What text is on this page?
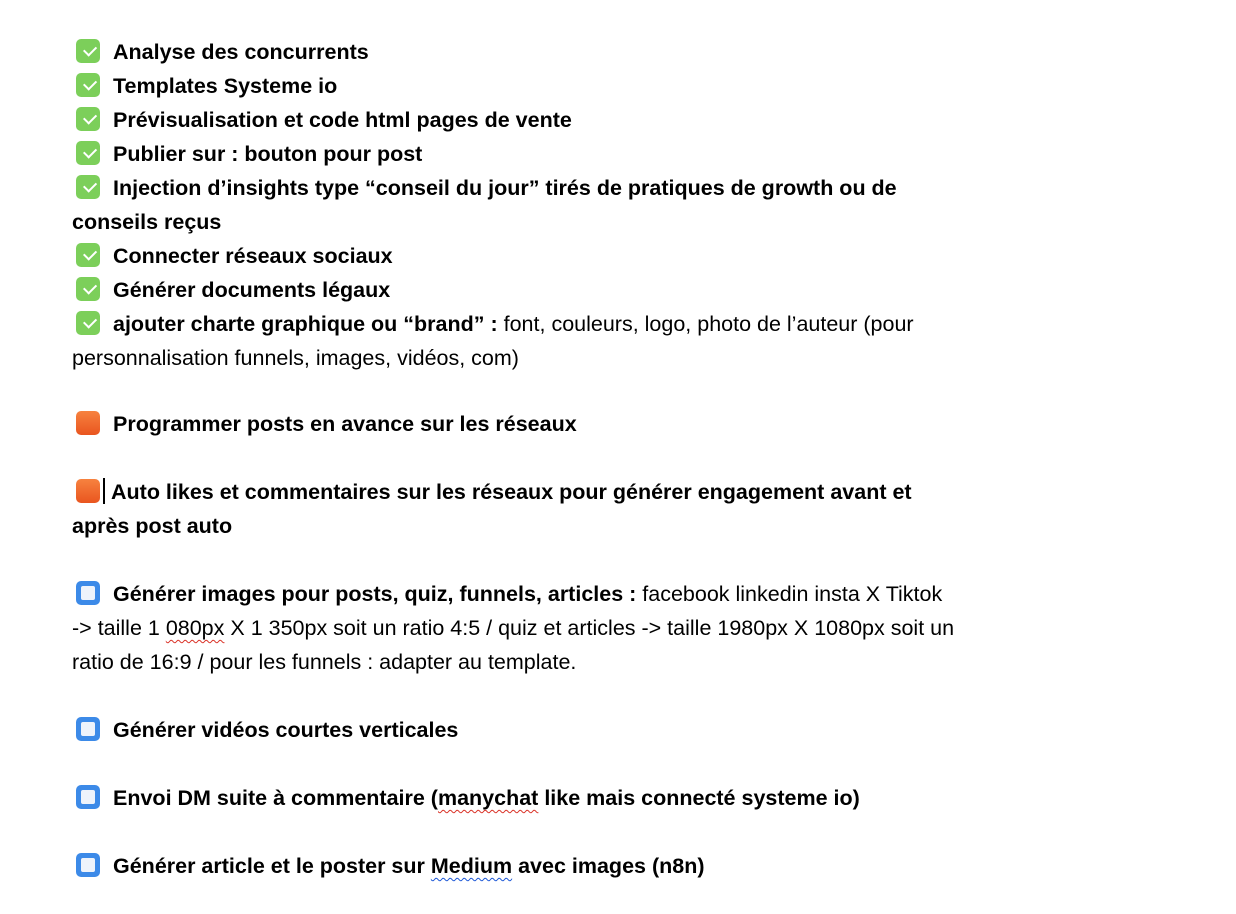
Analyse des concurrents
Templates Systeme io
Prévisualisation et code html pages de vente
Publier sur : bouton pour post
Injection d’insights type “conseil du jour” tirés de pratiques de growth ou de
conseils reçus
Connecter réseaux sociaux
Générer documents légaux
ajouter charte graphique ou “brand” : font, couleurs, logo, photo de l’auteur (pour
personnalisation funnels, images, vidéos, com)
Programmer posts en avance sur les réseaux
Auto likes et commentaires sur les réseaux pour générer engagement avant et
après post auto
Générer images pour posts, quiz, funnels, articles : facebook linkedin insta X Tiktok
-> taille 1 080px X 1 350px soit un ratio 4:5 / quiz et articles -> taille 1980px X 1080px soit un
ratio de 16:9 / pour les funnels : adapter au template.
Générer vidéos courtes verticales
Envoi DM suite à commentaire (manychat like mais connecté systeme io)
Générer article et le poster sur Medium avec images (n8n)
